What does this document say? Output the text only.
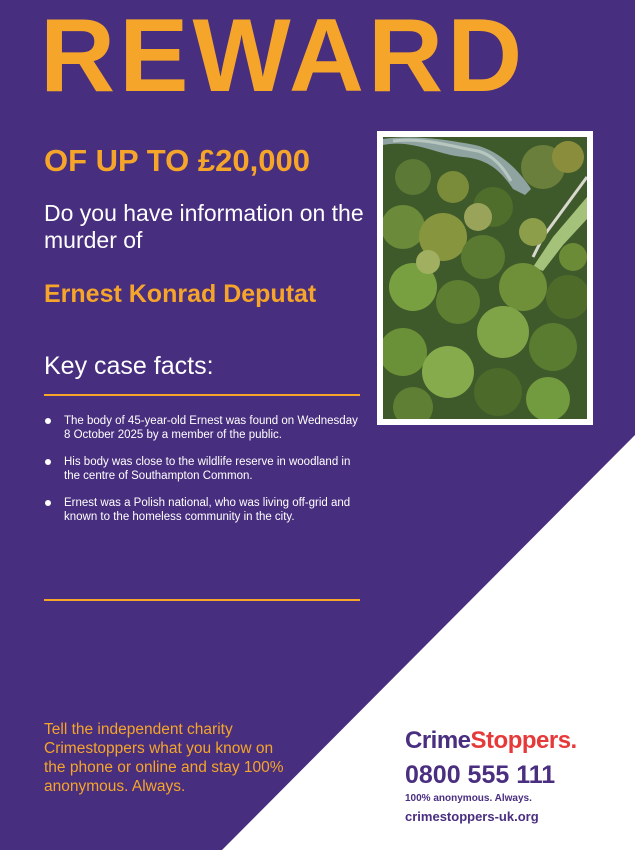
REWARD
OF UP TO £20,000
Do you have information on the murder of
Ernest Konrad Deputat
Key case facts:
The body of 45-year-old Ernest was found on Wednesday 8 October 2025 by a member of the public.
His body was close to the wildlife reserve in woodland in the centre of Southampton Common.
Ernest was a Polish national, who was living off-grid and known to the homeless community in the city.
Tell the independent charity Crimestoppers what you know on the phone or online and stay 100% anonymous. Always.
CrimeStoppers.
0800 555 111
100% anonymous. Always.
crimestoppers-uk.org
